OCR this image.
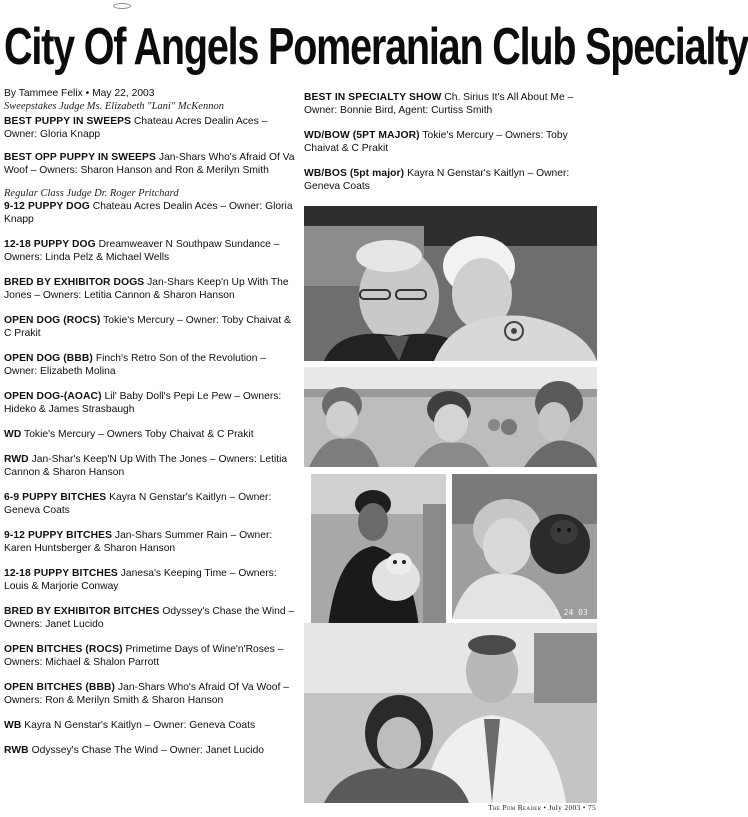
City Of Angels Pomeranian Club Specialty

By Tammee Felix • May 22, 2003

Sweepstakes Judge Ms. Elizabeth "Lani" McKennon

BEST PUPPY IN SWEEPS Chateau Acres Dealin Aces – Owner: Gloria Knapp

BEST OPP PUPPY IN SWEEPS Jan-Shars Who's Afraid Of Va Woof – Owners: Sharon Hanson and Ron & Merilyn Smith

Regular Class Judge Dr. Roger Pritchard

9-12 PUPPY DOG Chateau Acres Dealin Aces – Owner: Gloria Knapp

12-18 PUPPY DOG Dreamweaver N Southpaw Sundance – Owners: Linda Pelz & Michael Wells

BRED BY EXHIBITOR DOGS Jan-Shars Keep'n Up With The Jones – Owners: Letitia Cannon & Sharon Hanson

OPEN DOG (ROCS) Tokie's Mercury – Owner: Toby Chaivat & C Prakit

OPEN DOG (BBB) Finch's Retro Son of the Revolution – Owner: Elizabeth Molina

OPEN DOG-(AOAC) Lil' Baby Doll's Pepi Le Pew – Owners: Hideko & James Strasbaugh

WD Tokie's Mercury – Owners Toby Chaivat & C Prakit

RWD Jan-Shar's Keep'N Up With The Jones – Owners: Letitia Cannon & Sharon Hanson

6-9 PUPPY BITCHES Kayra N Genstar's Kaitlyn – Owner: Geneva Coats

9-12 PUPPY BITCHES Jan-Shars Summer Rain – Owner: Karen Huntsberger & Sharon Hanson

12-18 PUPPY BITCHES Janesa's Keeping Time – Owners: Louis & Marjorie Conway

BRED BY EXHIBITOR BITCHES Odyssey's Chase the Wind – Owners: Janet Lucido

OPEN BITCHES (ROCS) Primetime Days of Wine'n'Roses – Owners: Michael & Shalon Parrott

OPEN BITCHES (BBB) Jan-Shars Who's Afraid Of Va Woof – Owners: Ron & Merilyn Smith & Sharon Hanson

WB Kayra N Genstar's Kaitlyn – Owner: Geneva Coats

RWB Odyssey's Chase The Wind – Owner: Janet Lucido

BEST IN SPECIALTY SHOW Ch. Sirius It's All About Me – Owner: Bonnie Bird, Agent: Curtiss Smith

WD/BOW (5PT MAJOR) Tokie's Mercury – Owners: Toby Chaivat & C Prakit

WB/BOS (5pt major) Kayra N Genstar's Kaitlyn – Owner: Geneva Coats

5 24 03
The Pom Reader • July 2003 • 75
